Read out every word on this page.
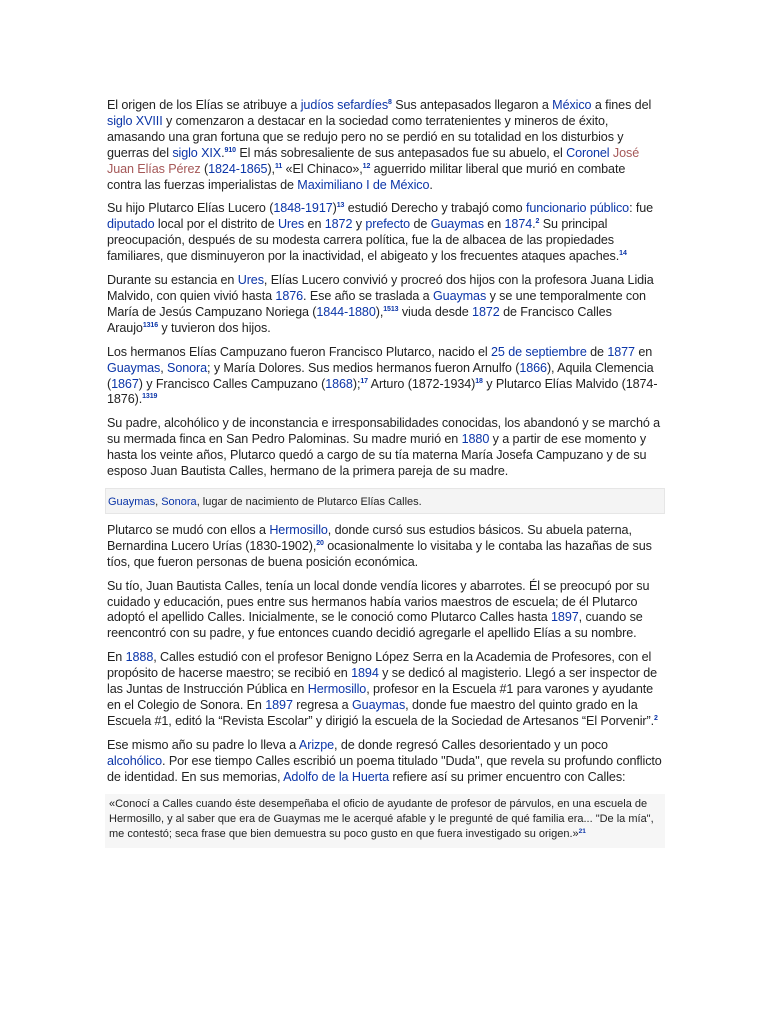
El origen de los Elías se atribuye a judíos sefardíes$^8$ Sus antepasados llegaron a México a fines del siglo XVIII y comenzaron a destacar en la sociedad como terratenientes y mineros de éxito, amasando una gran fortuna que se redujo pero no se perdió en su totalidad en los disturbios y guerras del siglo XIX.$^{910}$ El más sobresaliente de sus antepasados fue su abuelo, el Coronel José Juan Elías Pérez (1824-1865),$^{11}$ «El Chinaco»,$^{12}$ aguerrido militar liberal que murió en combate contra las fuerzas imperialistas de Maximiliano I de México.

Su hijo Plutarco Elías Lucero (1848-1917)$^{13}$ estudió Derecho y trabajó como funcionario público: fue diputado local por el distrito de Ures en 1872 y prefecto de Guaymas en 1874.$^2$ Su principal preocupación, después de su modesta carrera política, fue la de albacea de las propiedades familiares, que disminuyeron por la inactividad, el abigeato y los frecuentes ataques apaches.$^{14}$

Durante su estancia en Ures, Elías Lucero convivió y procreó dos hijos con la profesora Juana Lidia Malvido, con quien vivió hasta 1876. Ese año se traslada a Guaymas y se une temporalmente con María de Jesús Campuzano Noriega (1844-1880),$^{1513}$ viuda desde 1872 de Francisco Calles Araujo$^{1316}$ y tuvieron dos hijos.

Los hermanos Elías Campuzano fueron Francisco Plutarco, nacido el 25 de septiembre de 1877 en Guaymas, Sonora; y María Dolores. Sus medios hermanos fueron Arnulfo (1866), Aquila Clemencia (1867) y Francisco Calles Campuzano (1868);$^{17}$ Arturo (1872-1934)$^{18}$ y Plutarco Elías Malvido (1874-1876).$^{1319}$

Su padre, alcohólico y de inconstancia e irresponsabilidades conocidas, los abandonó y se marchó a su mermada finca en San Pedro Palominas. Su madre murió en 1880 y a partir de ese momento y hasta los veinte años, Plutarco quedó a cargo de su tía materna María Josefa Campuzano y de su esposo Juan Bautista Calles, hermano de la primera pareja de su madre.

Guaymas, Sonora, lugar de nacimiento de Plutarco Elías Calles.

Plutarco se mudó con ellos a Hermosillo, donde cursó sus estudios básicos. Su abuela paterna, Bernardina Lucero Urías (1830-1902),$^{20}$ ocasionalmente lo visitaba y le contaba las hazañas de sus tíos, que fueron personas de buena posición económica.

Su tío, Juan Bautista Calles, tenía un local donde vendía licores y abarrotes. Él se preocupó por su cuidado y educación, pues entre sus hermanos había varios maestros de escuela; de él Plutarco adoptó el apellido Calles. Inicialmente, se le conoció como Plutarco Calles hasta 1897, cuando se reencontró con su padre, y fue entonces cuando decidió agregarle el apellido Elías a su nombre.

En 1888, Calles estudió con el profesor Benigno López Serra en la Academia de Profesores, con el propósito de hacerse maestro; se recibió en 1894 y se dedicó al magisterio. Llegó a ser inspector de las Juntas de Instrucción Pública en Hermosillo, profesor en la Escuela #1 para varones y ayudante en el Colegio de Sonora. En 1897 regresa a Guaymas, donde fue maestro del quinto grado en la Escuela #1, editó la “Revista Escolar” y dirigió la escuela de la Sociedad de Artesanos “El Porvenir”.$^2$

Ese mismo año su padre lo lleva a Arizpe, de donde regresó Calles desorientado y un poco alcohólico. Por ese tiempo Calles escribió un poema titulado "Duda", que revela su profundo conflicto de identidad. En sus memorias, Adolfo de la Huerta refiere así su primer encuentro con Calles:

«Conocí a Calles cuando éste desempeñaba el oficio de ayudante de profesor de párvulos, en una escuela de Hermosillo, y al saber que era de Guaymas me le acerqué afable y le pregunté de qué familia era... "De la mía", me contestó; seca frase que bien demuestra su poco gusto en que fuera investigado su origen.»$^{21}$
